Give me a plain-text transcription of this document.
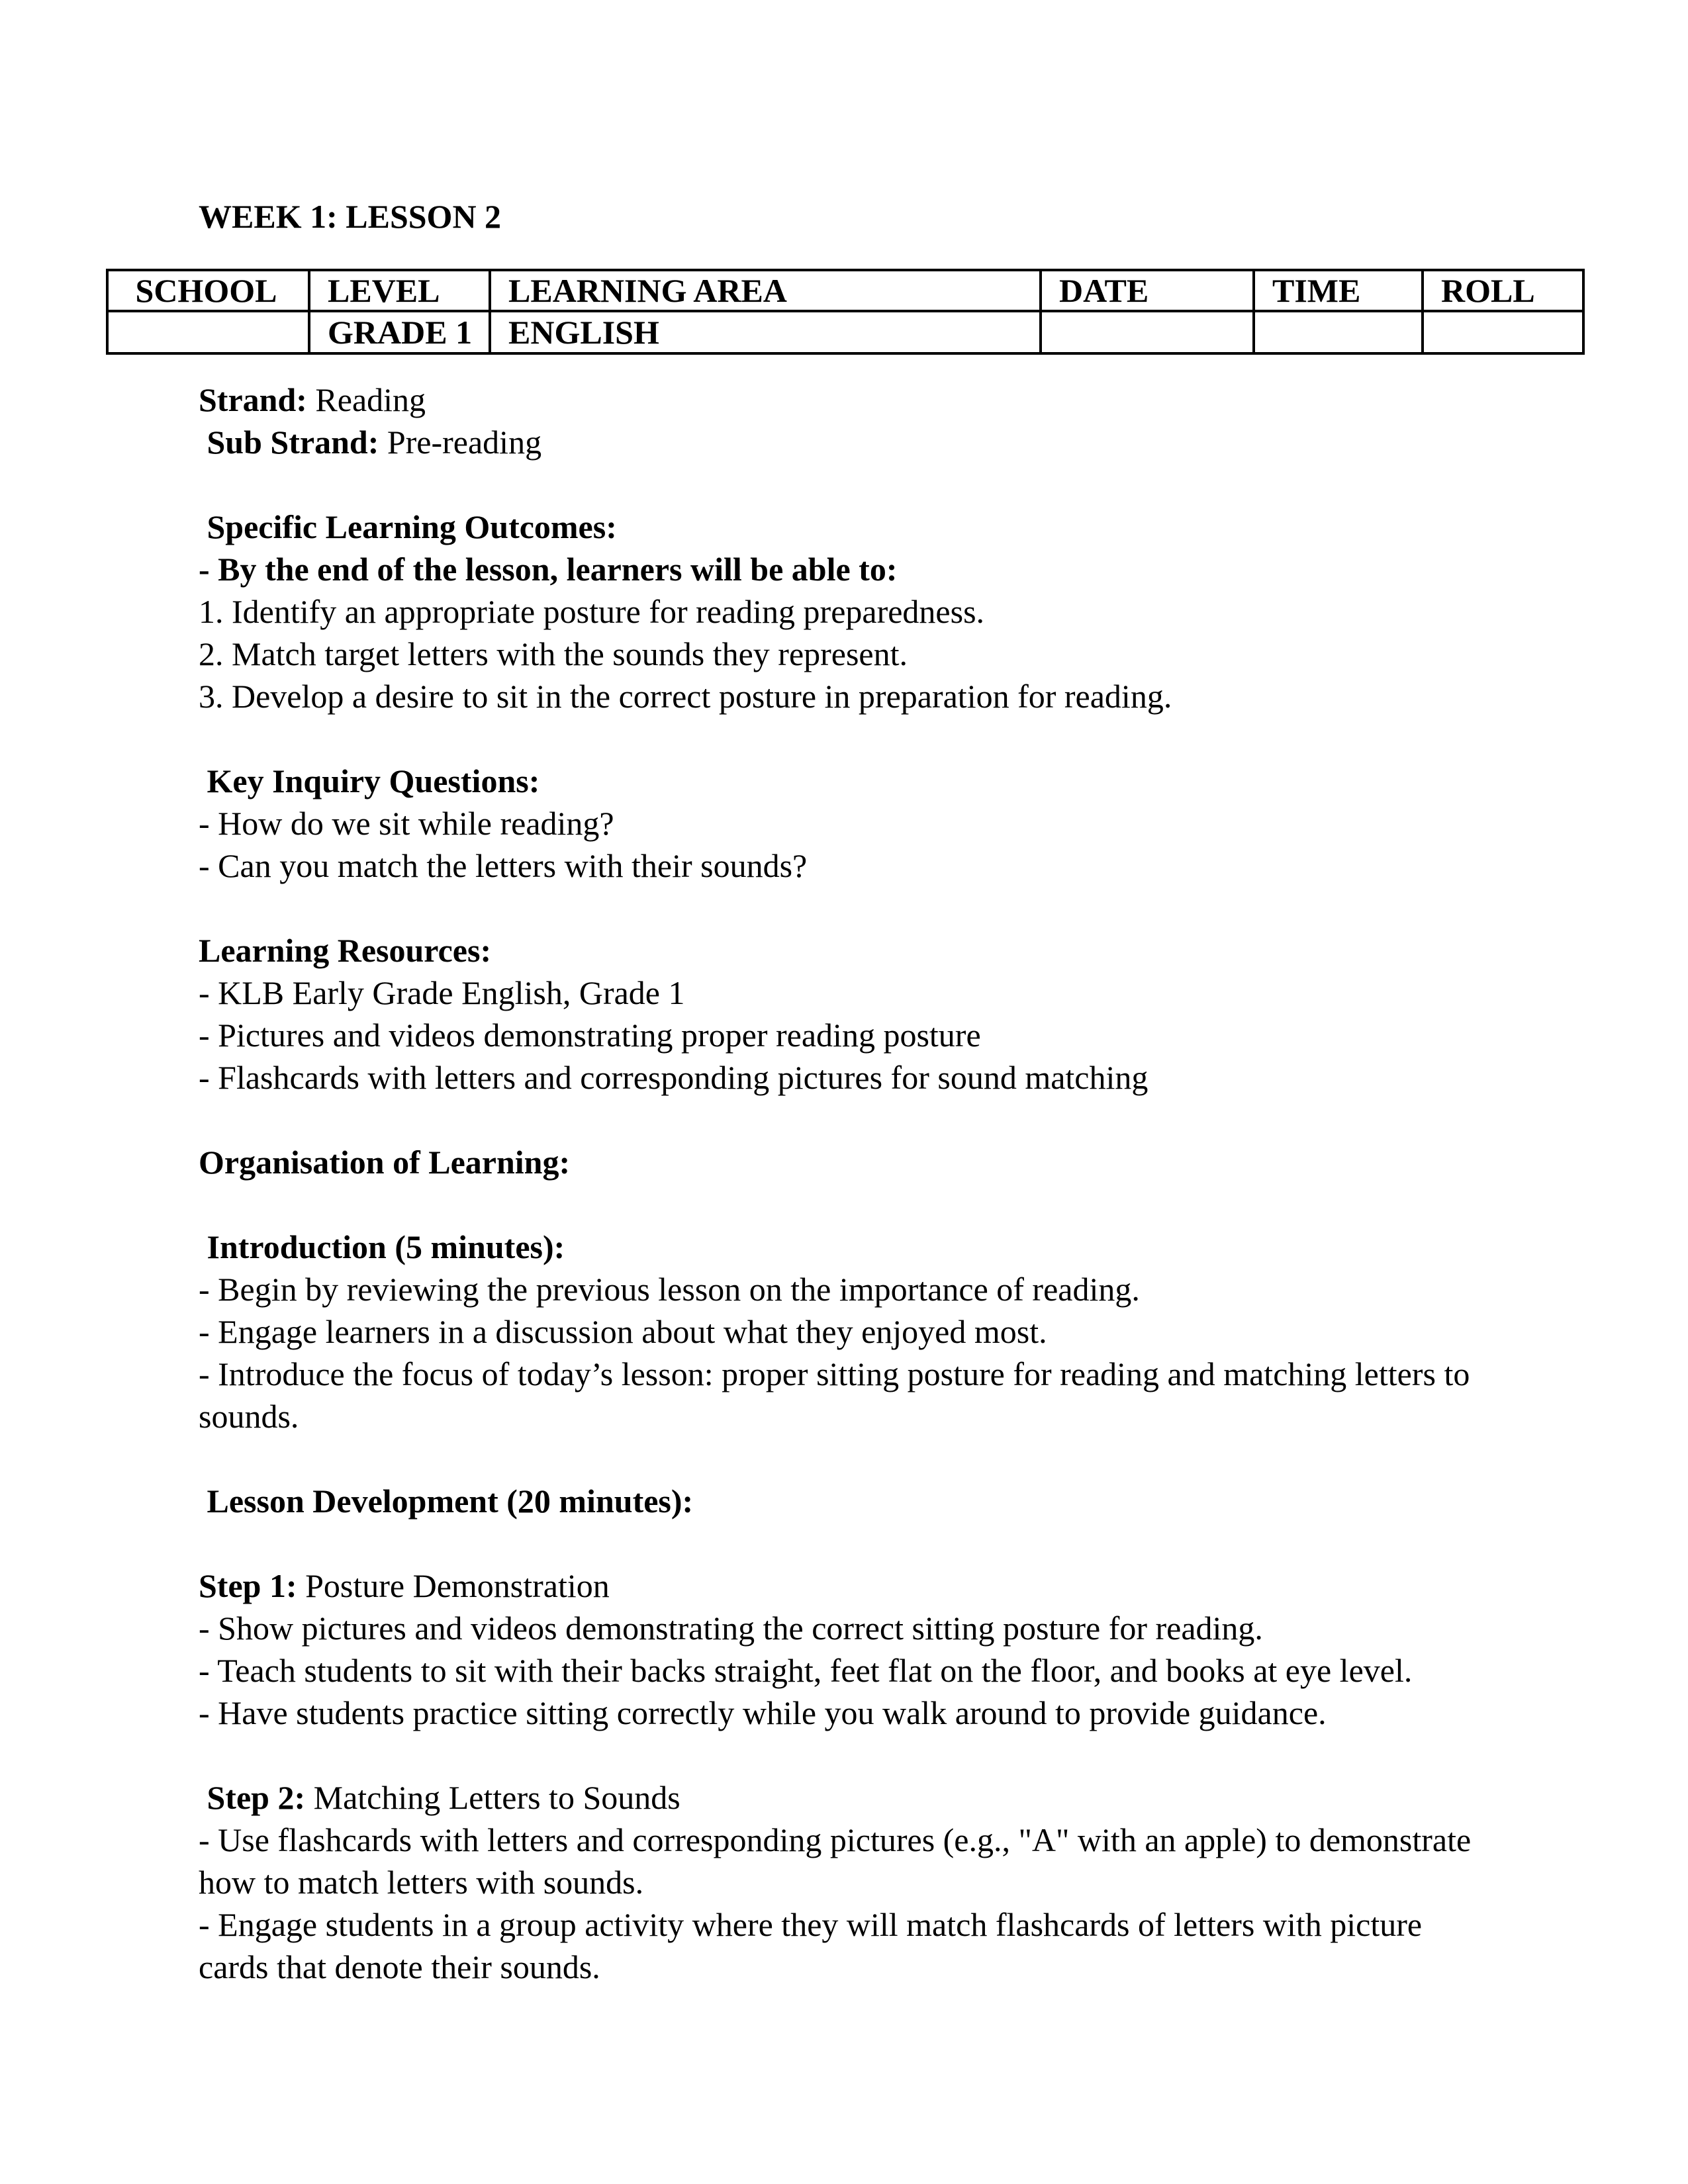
WEEK 1: LESSON 2
SCHOOL	LEVEL	LEARNING AREA	DATE	TIME	ROLL
	GRADE 1	ENGLISH			
Strand: Reading
Sub Strand: Pre-reading
Specific Learning Outcomes:
- By the end of the lesson, learners will be able to:
1. Identify an appropriate posture for reading preparedness.
2. Match target letters with the sounds they represent.
3. Develop a desire to sit in the correct posture in preparation for reading.
Key Inquiry Questions:
- How do we sit while reading?
- Can you match the letters with their sounds?
Learning Resources:
- KLB Early Grade English, Grade 1
- Pictures and videos demonstrating proper reading posture
- Flashcards with letters and corresponding pictures for sound matching
Organisation of Learning:
Introduction (5 minutes):
- Begin by reviewing the previous lesson on the importance of reading.
- Engage learners in a discussion about what they enjoyed most.
- Introduce the focus of today’s lesson: proper sitting posture for reading and matching letters to sounds.
Lesson Development (20 minutes):
Step 1: Posture Demonstration
- Show pictures and videos demonstrating the correct sitting posture for reading.
- Teach students to sit with their backs straight, feet flat on the floor, and books at eye level.
- Have students practice sitting correctly while you walk around to provide guidance.
Step 2: Matching Letters to Sounds
- Use flashcards with letters and corresponding pictures (e.g., "A" with an apple) to demonstrate how to match letters with sounds.
- Engage students in a group activity where they will match flashcards of letters with picture cards that denote their sounds.
